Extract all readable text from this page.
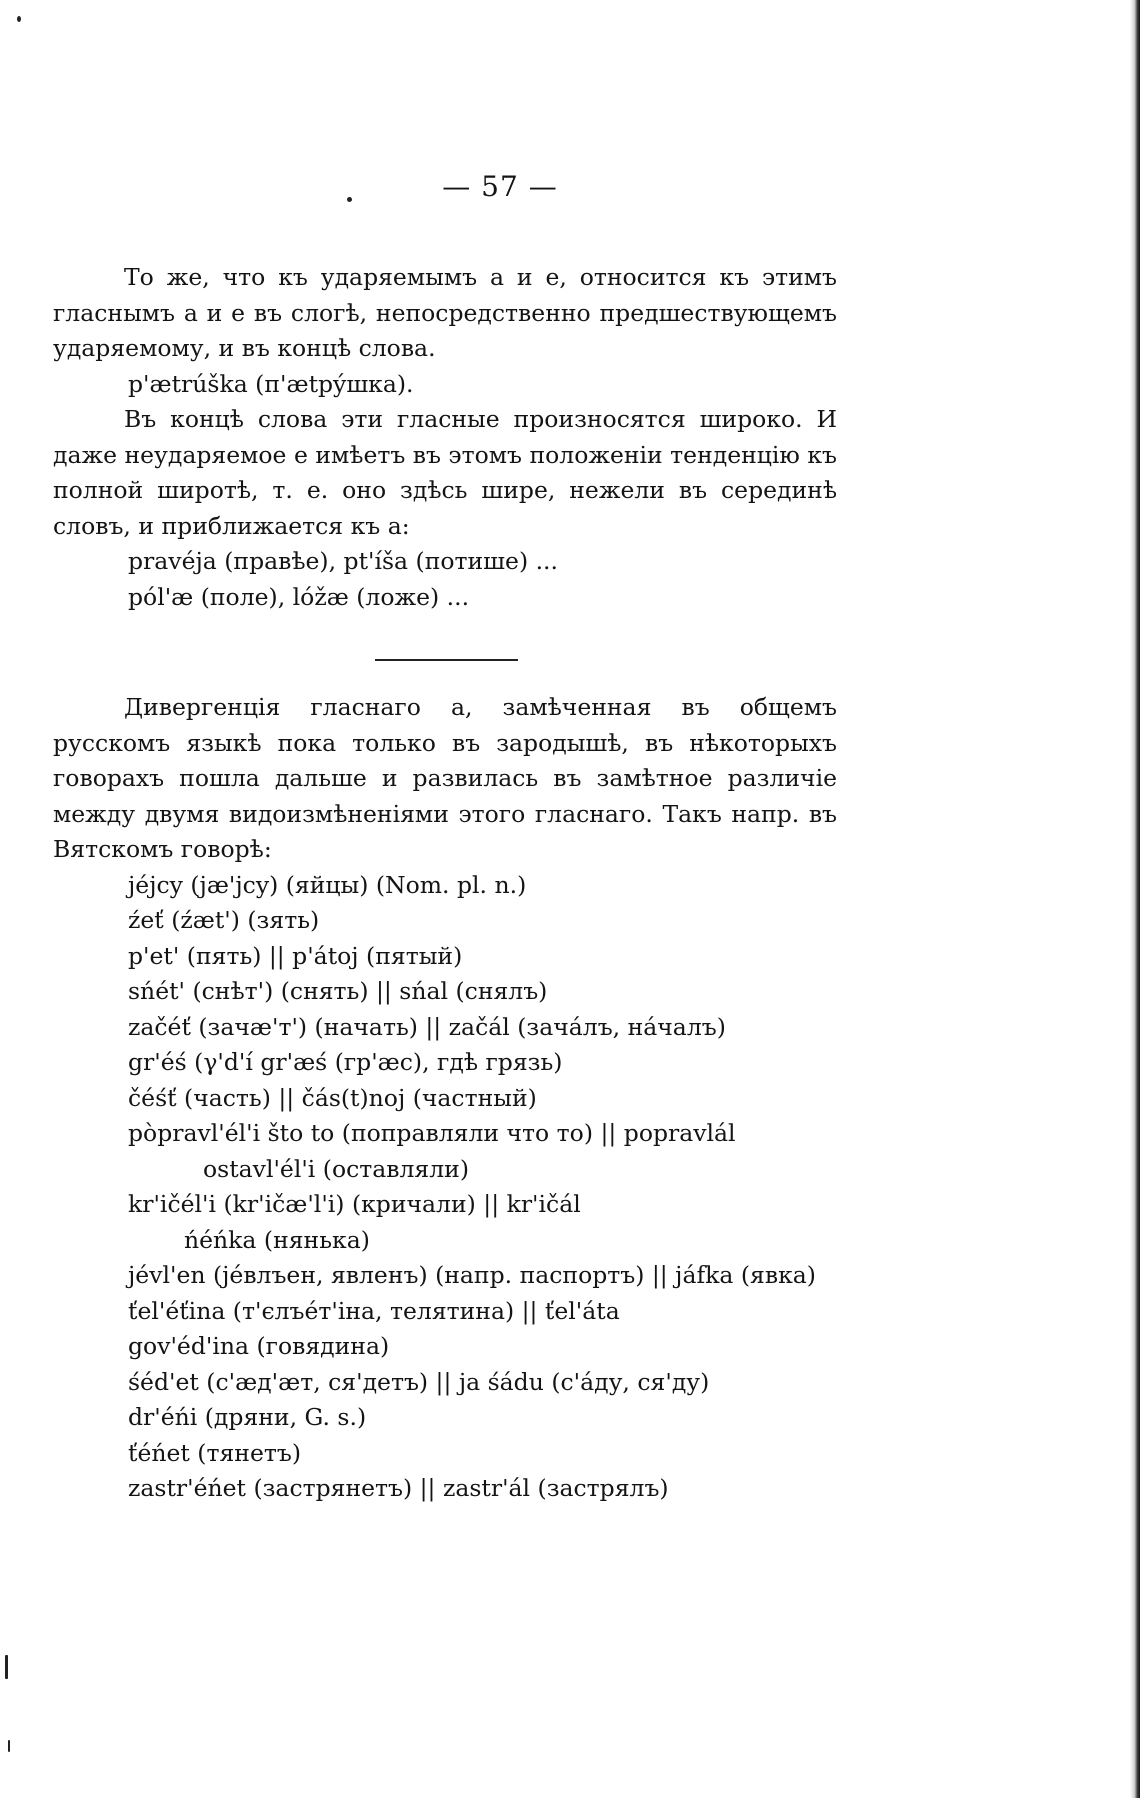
— 57 —

То же, что къ ударяемымъ a и e, относится къ этимъ гласнымъ a и e въ слогѣ, непосредственно предшествующемъ ударяемому, и въ концѣ слова.

p'ætrúška (п'ætрýшка).

Въ концѣ слова эти гласные произносятся широко. И даже неударяемое e имѣетъ въ этомъ положеніи тенденцію къ полной широтѣ, т. е. оно здѣсь шире, нежели въ серединѣ словъ, и приближается къ a:

pravéja (правѣe), pt'íša (потише) ...

pól'æ (поле), lóžæ (ложе) ...

Дивергенція гласнаго a, замѣченная въ общемъ русскомъ языкѣ пока только въ зародышѣ, въ нѣкоторыхъ говорахъ пошла дальше и развилась въ замѣтное различіе между двумя видоизмѣненіями этого гласнаго. Такъ напр. въ Вятскомъ говорѣ:

jéjcy (jæ'jcy) (яйцы) (Nom. pl. n.)

źeť (źæt') (зять)

p'et' (пять) || p'átoj (пятый)

sńét' (снѣт') (снять) || sńal (снялъ)

začéť (зачæ'т') (начать) || začál (зачáлъ, нáчалъ)

gr'éś (γ'd'í gr'æś (гр'æс), гдѣ грязь)

čéśť (часть) || čás(t)noj (частный)

pòpravl'él'i što to (поправляли что то) || popravlál

ostavl'él'i (оставляли)

kr'ičél'i (kr'ičæ'l'i) (кричали) || kr'ičál

ńéńka (нянька)

jévl'en (jéвлъен, явленъ) (напр. паспортъ) || jáfka (явка)

ťel'éťina (т'єлъéт'іна, телятина) || ťel'áta

gov'éd'ina (говядина)

śéd'et (с'æд'æт, ся'детъ) || ja śádu (с'áду, ся'ду)

dr'éńi (дряни, G. s.)

ťéńet (тянетъ)

zastr'éńet (застрянетъ) || zastr'ál (застрялъ)
